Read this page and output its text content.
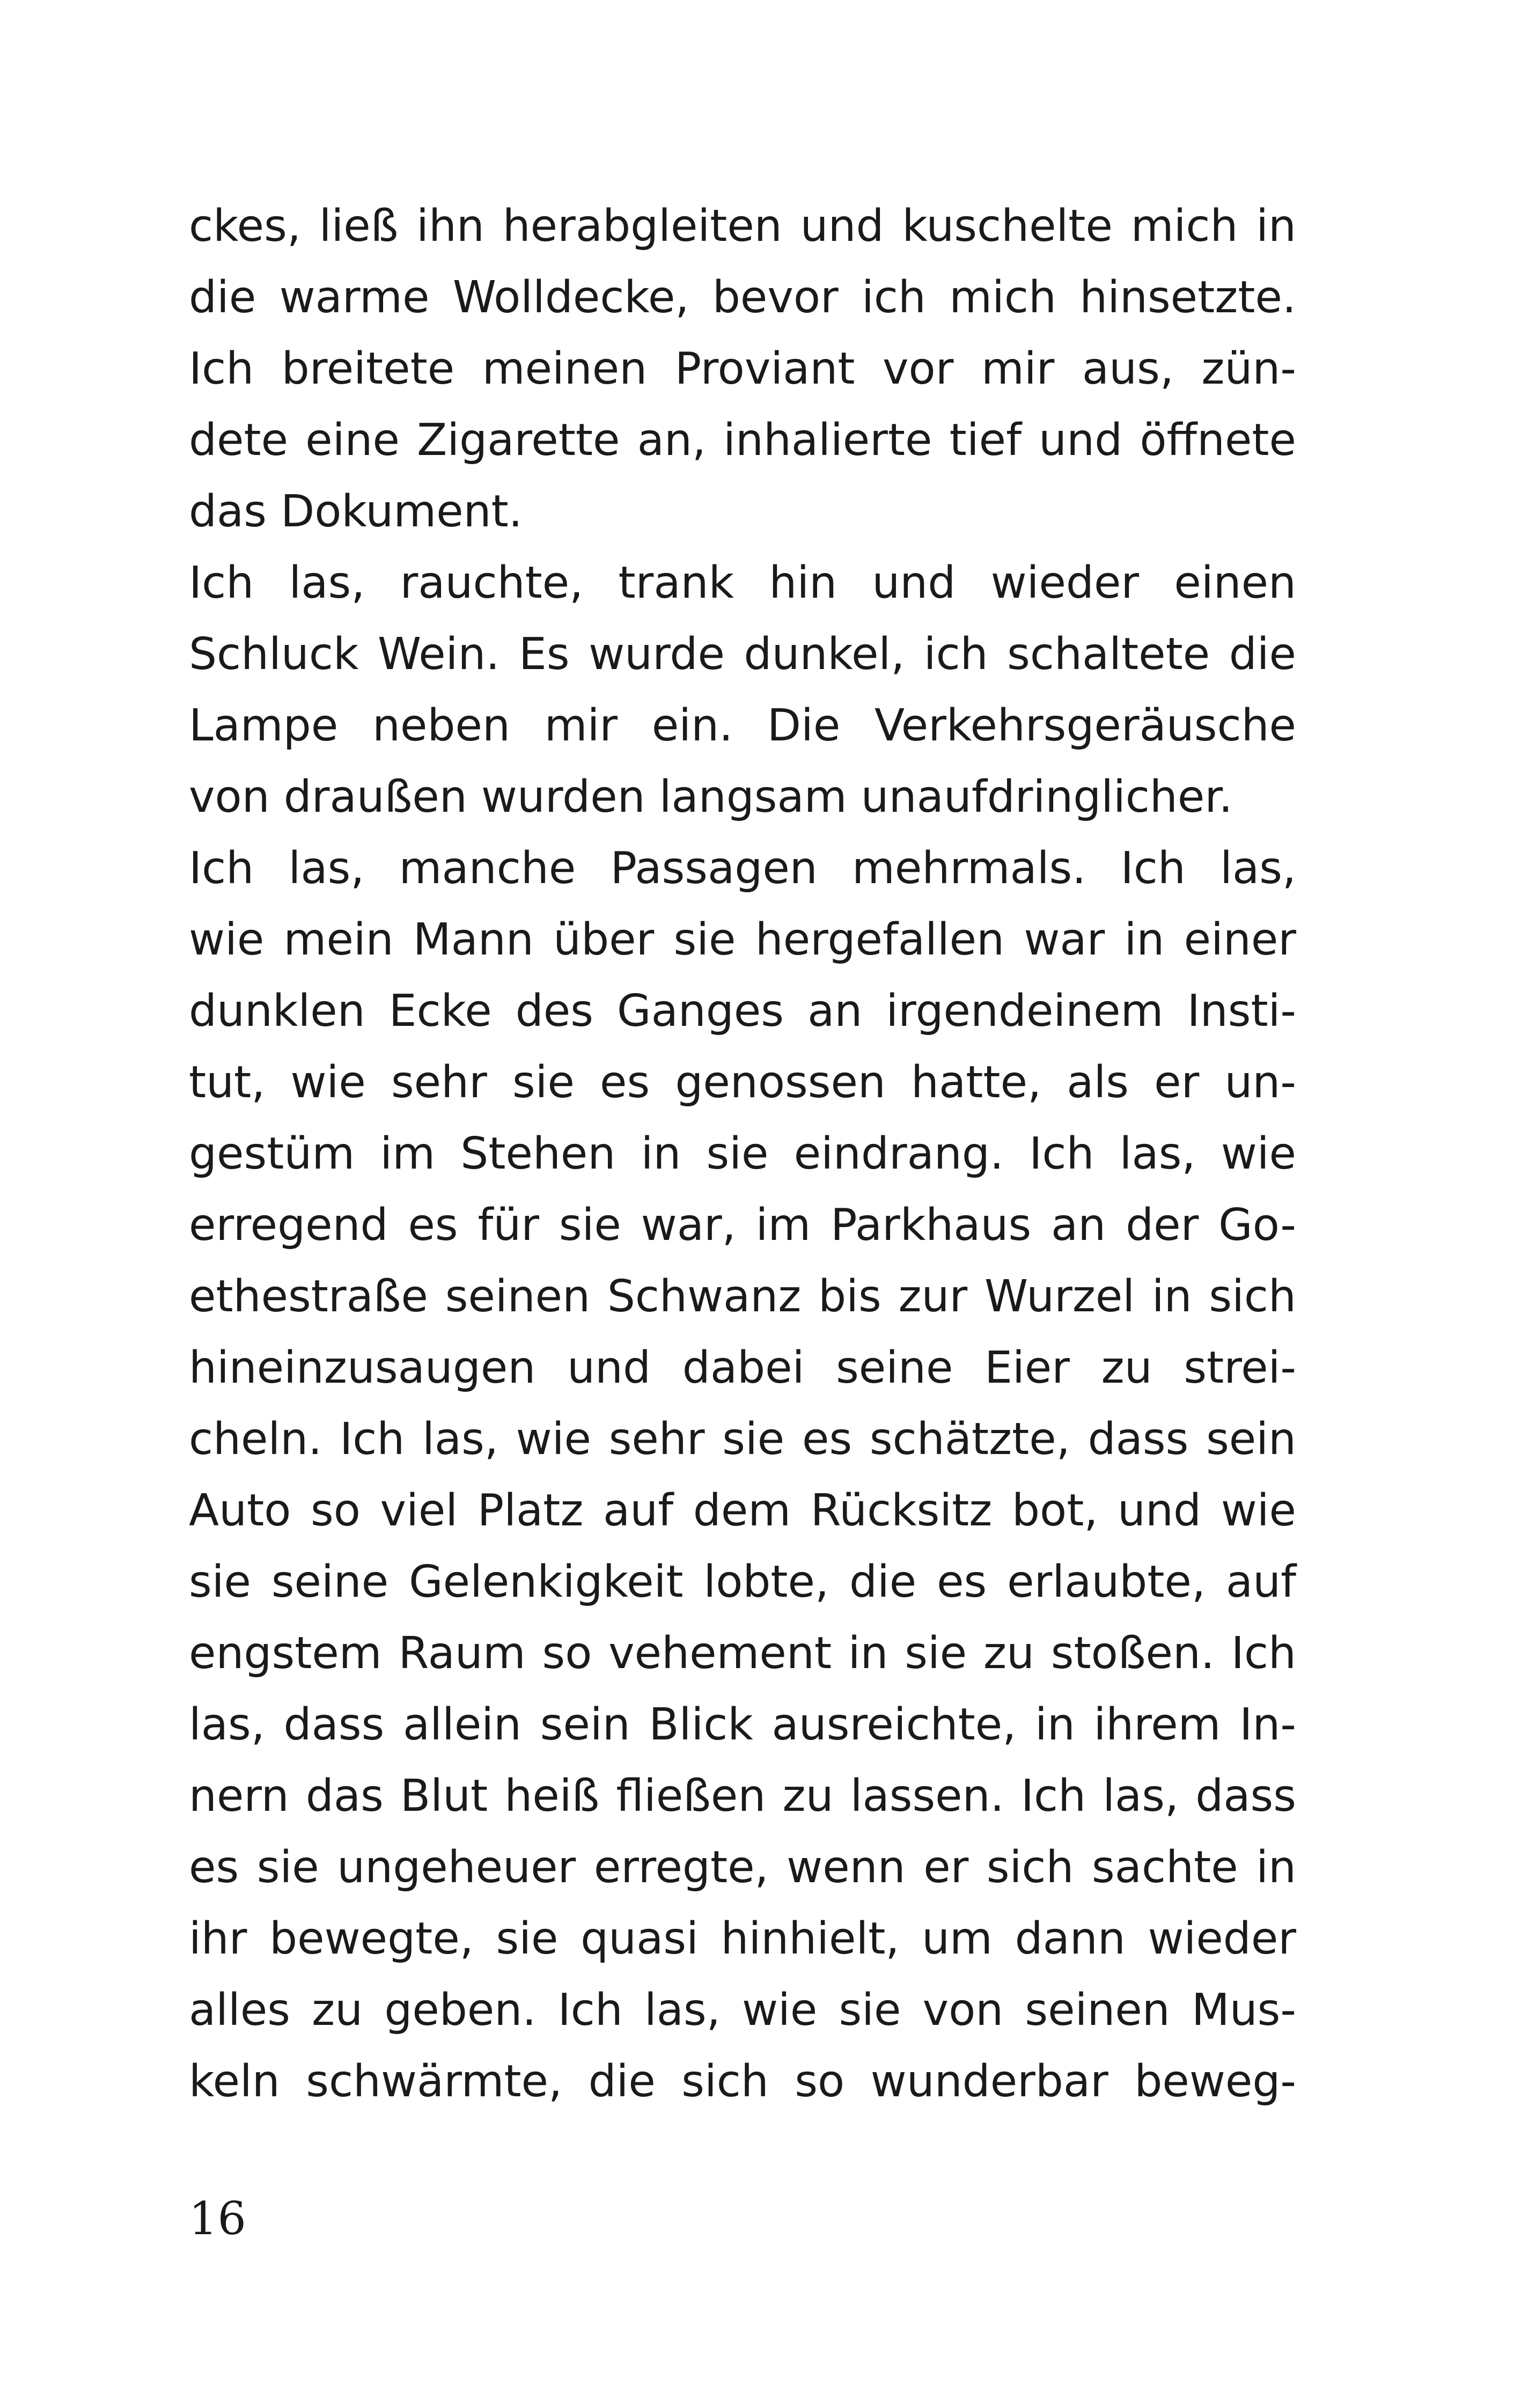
ckes, ließ ihn herabgleiten und kuschelte mich in
die warme Wolldecke, bevor ich mich hinsetzte.
Ich breitete meinen Proviant vor mir aus, zün-
dete eine Zigarette an, inhalierte tief und öffnete
das Dokument.
Ich las, rauchte, trank hin und wieder einen
Schluck Wein. Es wurde dunkel, ich schaltete die
Lampe neben mir ein. Die Verkehrsgeräusche
von draußen wurden langsam unaufdringlicher.
Ich las, manche Passagen mehrmals. Ich las,
wie mein Mann über sie hergefallen war in einer
dunklen Ecke des Ganges an irgendeinem Insti-
tut, wie sehr sie es genossen hatte, als er un-
gestüm im Stehen in sie eindrang. Ich las, wie
erregend es für sie war, im Parkhaus an der Go-
ethestraße seinen Schwanz bis zur Wurzel in sich
hineinzusaugen und dabei seine Eier zu strei-
cheln. Ich las, wie sehr sie es schätzte, dass sein
Auto so viel Platz auf dem Rücksitz bot, und wie
sie seine Gelenkigkeit lobte, die es erlaubte, auf
engstem Raum so vehement in sie zu stoßen. Ich
las, dass allein sein Blick ausreichte, in ihrem In-
nern das Blut heiß fließen zu lassen. Ich las, dass
es sie ungeheuer erregte, wenn er sich sachte in
ihr bewegte, sie quasi hinhielt, um dann wieder
alles zu geben. Ich las, wie sie von seinen Mus-
keln schwärmte, die sich so wunderbar beweg-
16
